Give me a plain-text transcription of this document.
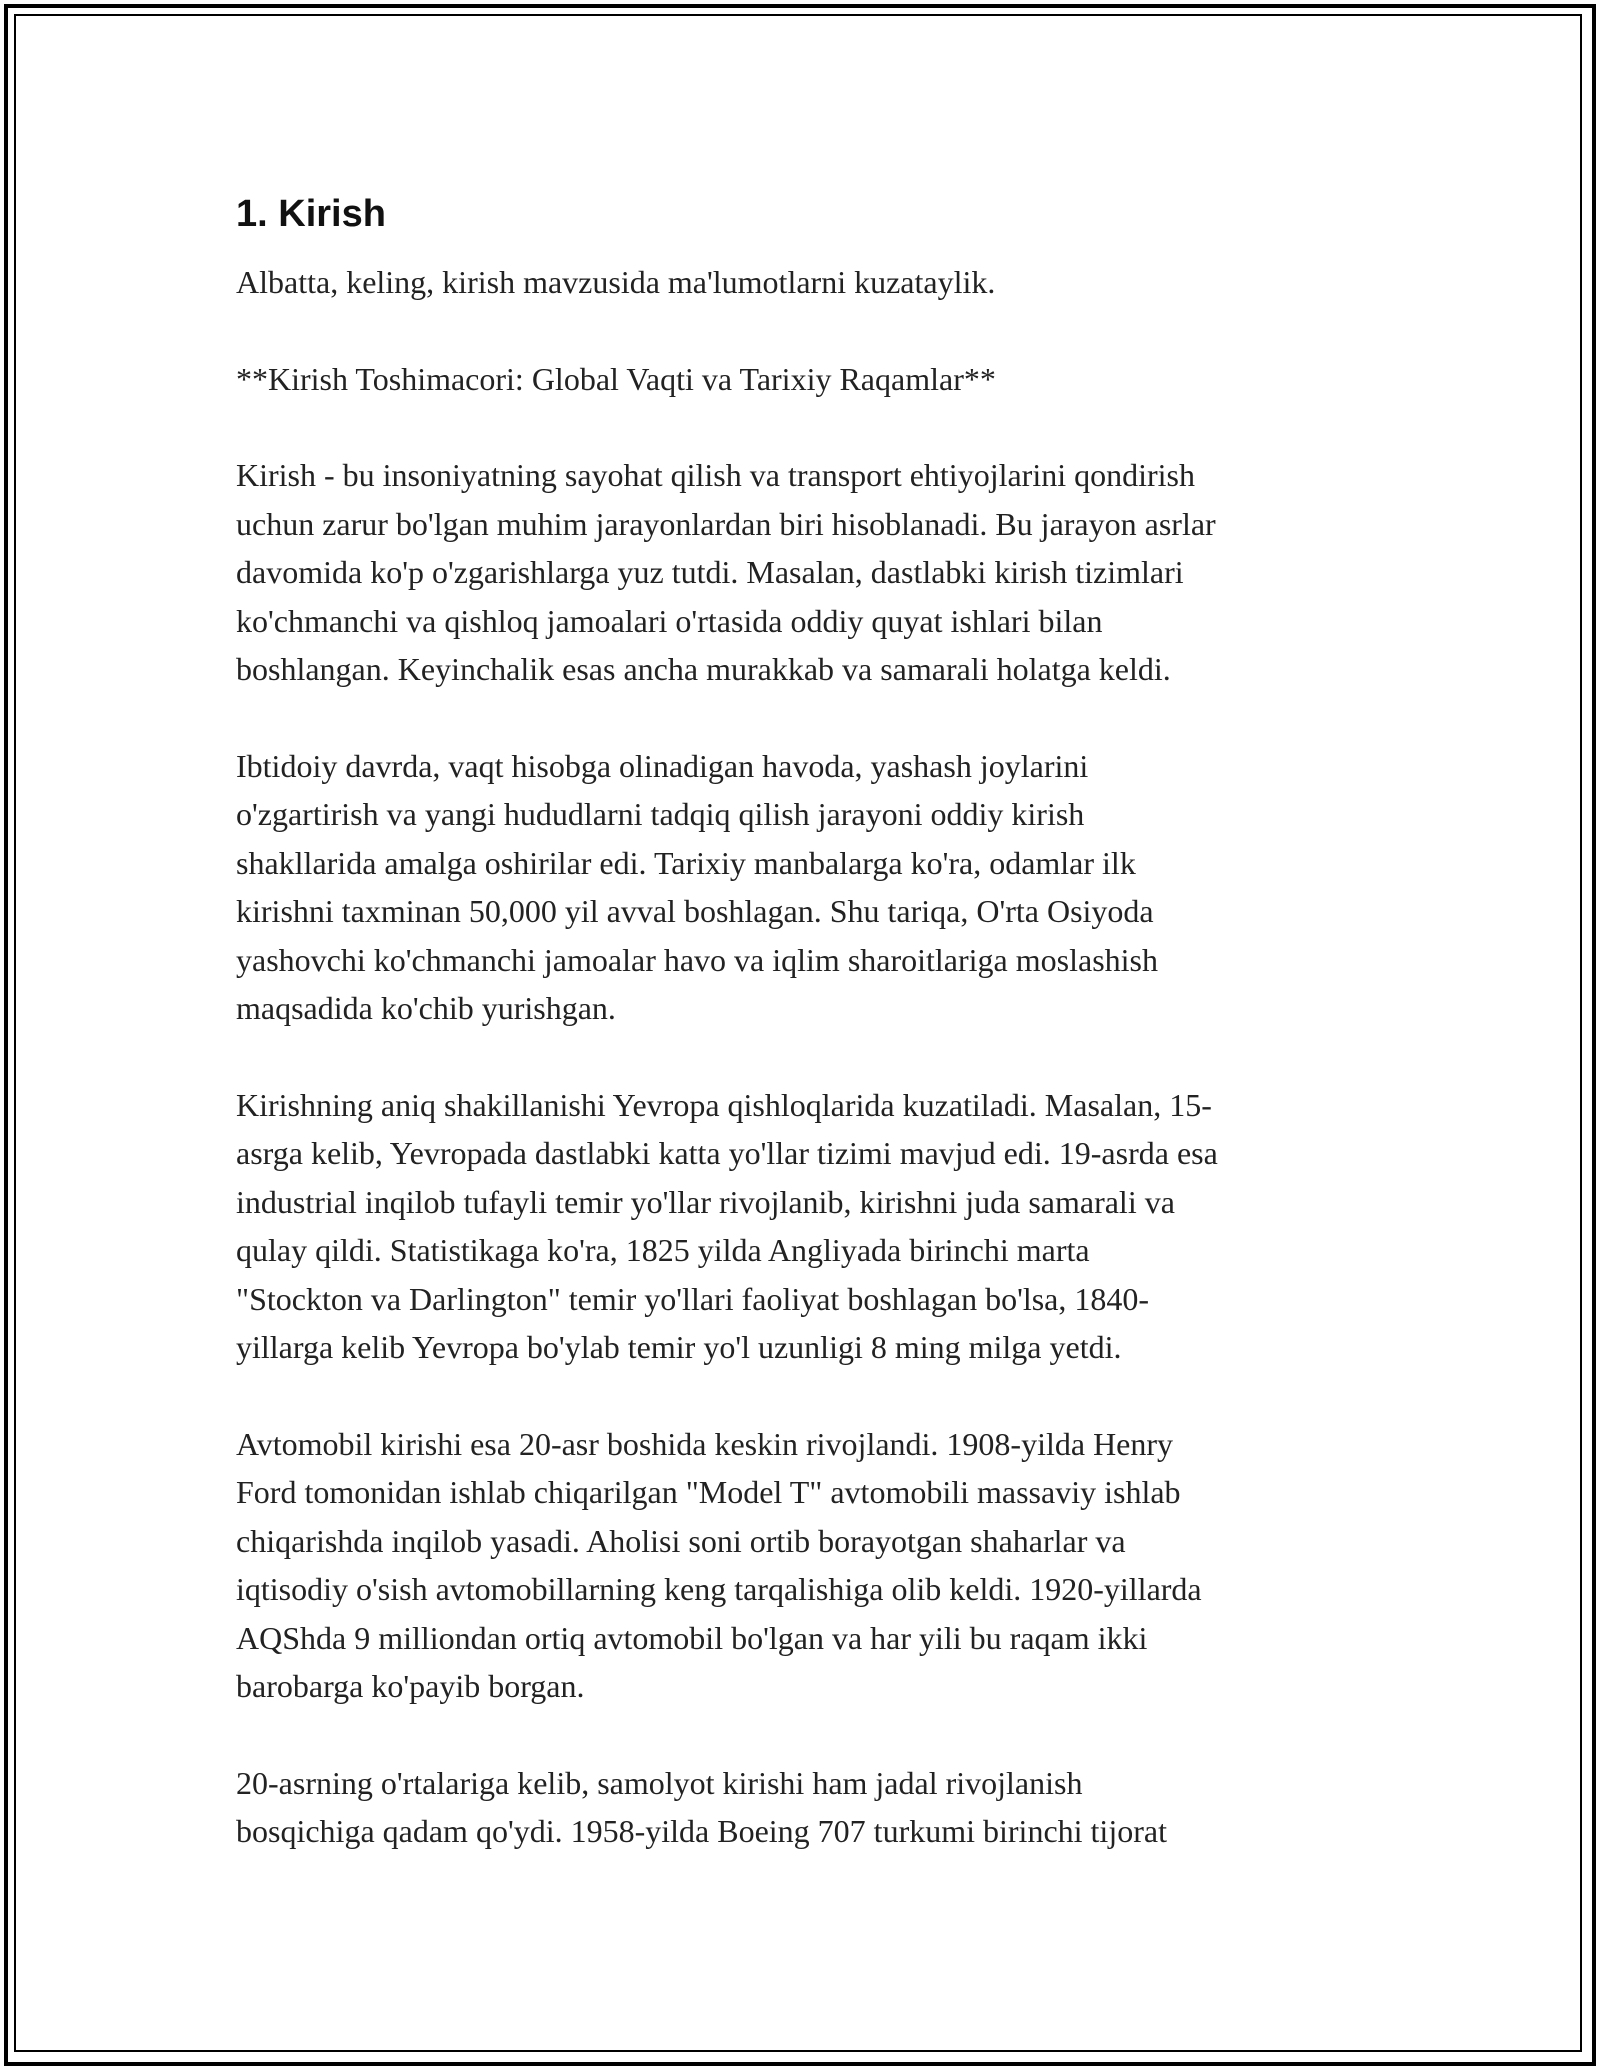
1. Kirish

Albatta, keling, kirish mavzusida ma'lumotlarni kuzataylik.

**Kirish Toshimacori: Global Vaqti va Tarixiy Raqamlar**

Kirish - bu insoniyatning sayohat qilish va transport ehtiyojlarini qondirish
uchun zarur bo'lgan muhim jarayonlardan biri hisoblanadi. Bu jarayon asrlar
davomida ko'p o'zgarishlarga yuz tutdi. Masalan, dastlabki kirish tizimlari
ko'chmanchi va qishloq jamoalari o'rtasida oddiy quyat ishlari bilan
boshlangan. Keyinchalik esas ancha murakkab va samarali holatga keldi.

Ibtidoiy davrda, vaqt hisobga olinadigan havoda, yashash joylarini
o'zgartirish va yangi hududlarni tadqiq qilish jarayoni oddiy kirish
shakllarida amalga oshirilar edi. Tarixiy manbalarga ko'ra, odamlar ilk
kirishni taxminan 50,000 yil avval boshlagan. Shu tariqa, O'rta Osiyoda
yashovchi ko'chmanchi jamoalar havo va iqlim sharoitlariga moslashish
maqsadida ko'chib yurishgan.

Kirishning aniq shakillanishi Yevropa qishloqlarida kuzatiladi. Masalan, 15-
asrga kelib, Yevropada dastlabki katta yo'llar tizimi mavjud edi. 19-asrda esa
industrial inqilob tufayli temir yo'llar rivojlanib, kirishni juda samarali va
qulay qildi. Statistikaga ko'ra, 1825 yilda Angliyada birinchi marta
"Stockton va Darlington" temir yo'llari faoliyat boshlagan bo'lsa, 1840-
yillarga kelib Yevropa bo'ylab temir yo'l uzunligi 8 ming milga yetdi.

Avtomobil kirishi esa 20-asr boshida keskin rivojlandi. 1908-yilda Henry
Ford tomonidan ishlab chiqarilgan "Model T" avtomobili massaviy ishlab
chiqarishda inqilob yasadi. Aholisi soni ortib borayotgan shaharlar va
iqtisodiy o'sish avtomobillarning keng tarqalishiga olib keldi. 1920-yillarda
AQShda 9 milliondan ortiq avtomobil bo'lgan va har yili bu raqam ikki
barobarga ko'payib borgan.

20-asrning o'rtalariga kelib, samolyot kirishi ham jadal rivojlanish
bosqichiga qadam qo'ydi. 1958-yilda Boeing 707 turkumi birinchi tijorat
